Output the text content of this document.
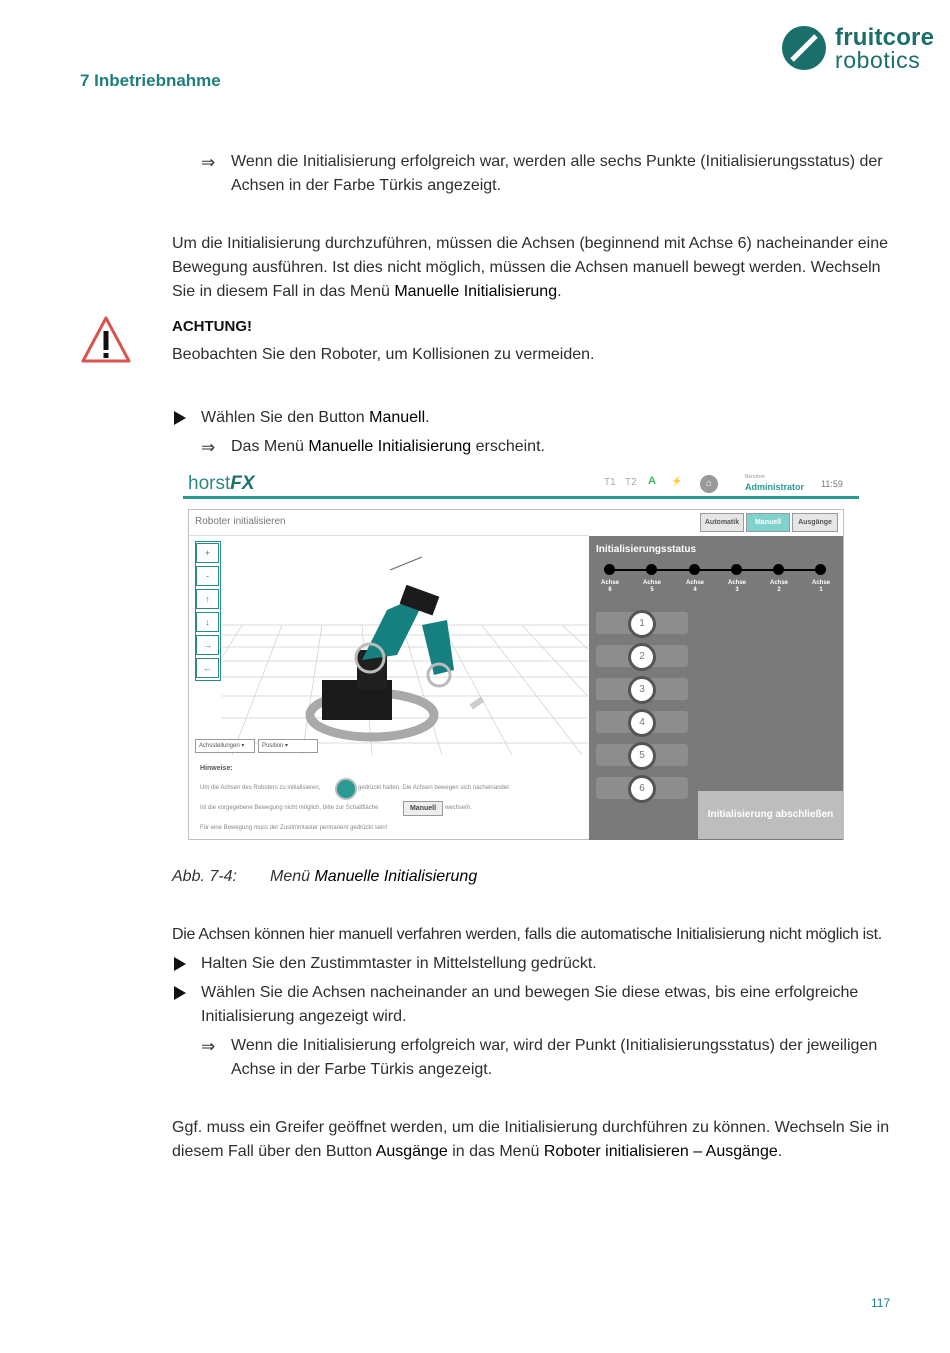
fruitcore
robotics
7 Inbetriebnahme
⇒ Wenn die Initialisierung erfolgreich war, werden alle sechs Punkte (Initialisierungsstatus) der Achsen in der Farbe Türkis angezeigt.
Um die Initialisierung durchzuführen, müssen die Achsen (beginnend mit Achse 6) nacheinander eine Bewegung ausführen. Ist dies nicht möglich, müssen die Achsen manuell bewegt werden. Wechseln Sie in diesem Fall in das Menü Manuelle Initialisierung.
ACHTUNG!
Beobachten Sie den Roboter, um Kollisionen zu vermeiden.
Wählen Sie den Button Manuell.
⇒ Das Menü Manuelle Initialisierung erscheint.
horstFX	T1 T2 A ⚡	⌂
Benutzer
Administrator 11:59
Roboter initialisieren	Automatik	Manuell	Ausgänge
+
-
↑
↓
→
←
Achsstellungen ▾	Position ▾
Hinweise:
Um die Achsen des Roboters zu initialisieren,	gedrückt halten. Die Achsen bewegen sich nacheinander.
Ist die vorgegebene Bewegung nicht möglich, bitte zur Schaltfläche	Manuell	wechseln.
Für eine Bewegung muss der Zustimmtaster permanent gedrückt sein!
Initialisierungsstatus
Achse
6
Achse
5
Achse
4
Achse
3
Achse
2
Achse
1
1
2
3
4
5
6
Initialisierung abschließen
Abb. 7-4: Menü Manuelle Initialisierung
Die Achsen können hier manuell verfahren werden, falls die automatische Initialisierung nicht möglich ist.
Halten Sie den Zustimmtaster in Mittelstellung gedrückt.
Wählen Sie die Achsen nacheinander an und bewegen Sie diese etwas, bis eine erfolgreiche Initialisierung angezeigt wird.
⇒ Wenn die Initialisierung erfolgreich war, wird der Punkt (Initialisierungsstatus) der jeweiligen Achse in der Farbe Türkis angezeigt.
Ggf. muss ein Greifer geöffnet werden, um die Initialisierung durchführen zu können. Wechseln Sie in diesem Fall über den Button Ausgänge in das Menü Roboter initialisieren – Ausgänge.
117
